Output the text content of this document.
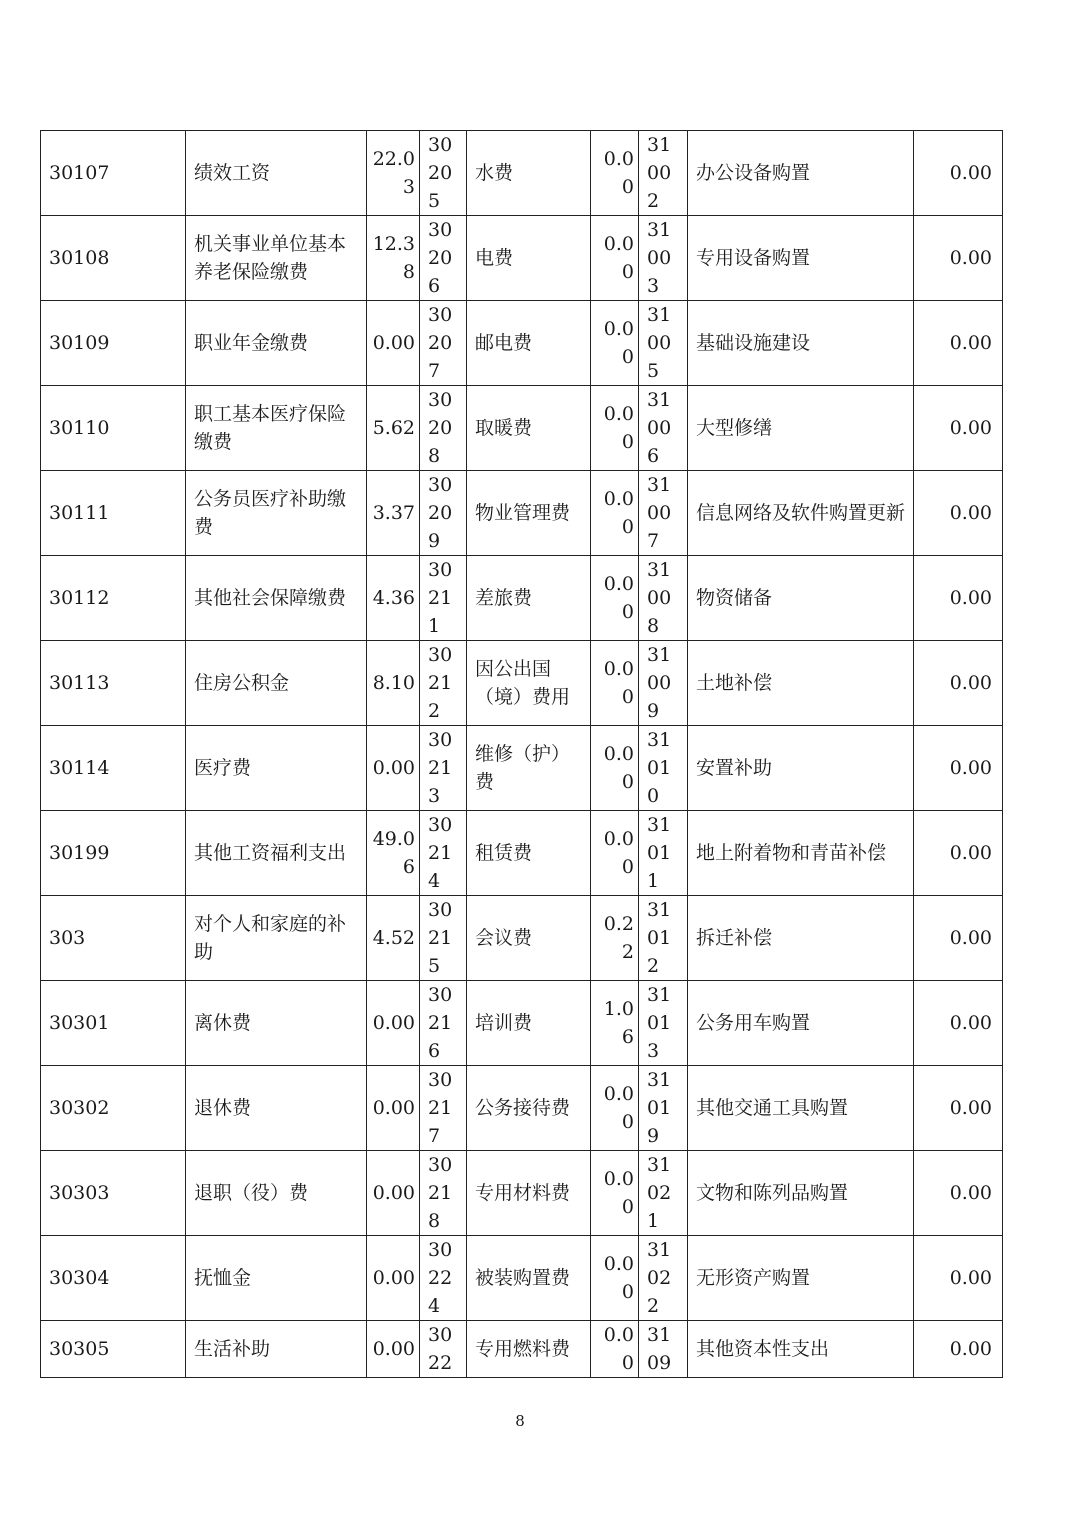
30107	绩效工资	22.03	30205	水费	0.00	31002	办公设备购置	0.00
30108	机关事业单位基本养老保险缴费	12.38	30206	电费	0.00	31003	专用设备购置	0.00
30109	职业年金缴费	0.00	30207	邮电费	0.00	31005	基础设施建设	0.00
30110	职工基本医疗保险缴费	5.62	30208	取暖费	0.00	31006	大型修缮	0.00
30111	公务员医疗补助缴费	3.37	30209	物业管理费	0.00	31007	信息网络及软件购置更新	0.00
30112	其他社会保障缴费	4.36	30211	差旅费	0.00	31008	物资储备	0.00
30113	住房公积金	8.10	30212	因公出国（境）费用	0.00	31009	土地补偿	0.00
30114	医疗费	0.00	30213	维修（护）费	0.00	31010	安置补助	0.00
30199	其他工资福利支出	49.06	30214	租赁费	0.00	31011	地上附着物和青苗补偿	0.00
303	对个人和家庭的补助	4.52	30215	会议费	0.22	31012	拆迁补偿	0.00
30301	离休费	0.00	30216	培训费	1.06	31013	公务用车购置	0.00
30302	退休费	0.00	30217	公务接待费	0.00	31019	其他交通工具购置	0.00
30303	退职（役）费	0.00	30218	专用材料费	0.00	31021	文物和陈列品购置	0.00
30304	抚恤金	0.00	30224	被装购置费	0.00	31022	无形资产购置	0.00
30305	生活补助	0.00	3022	专用燃料费	0.00	3109	其他资本性支出	0.00
8
